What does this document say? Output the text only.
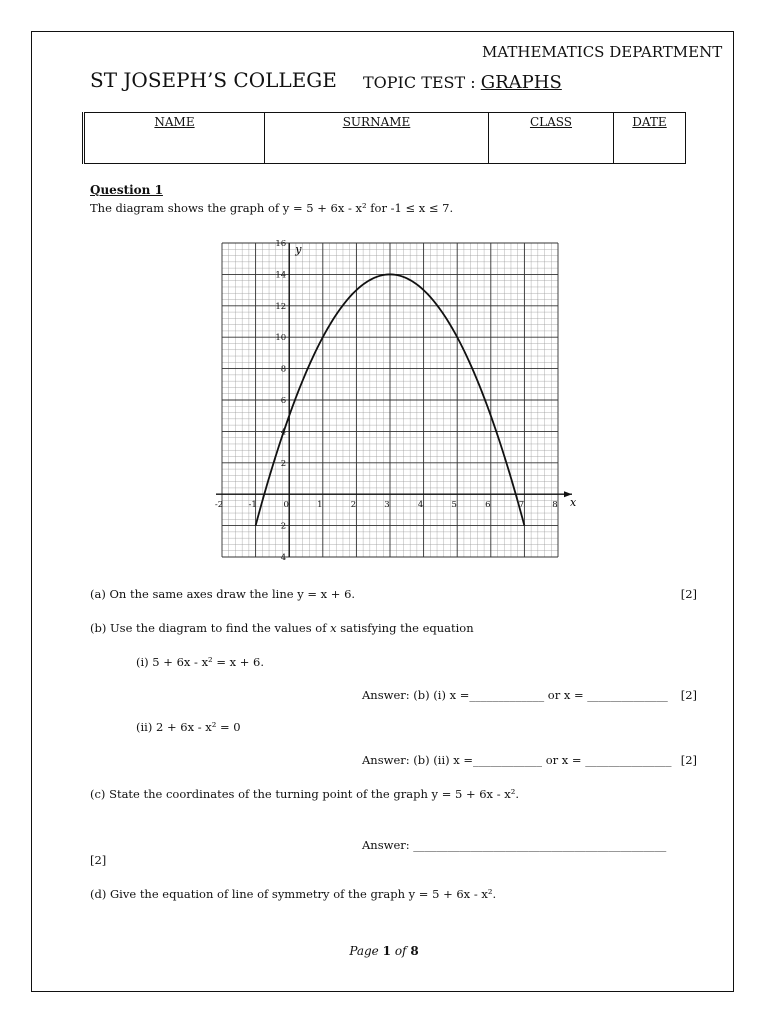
MATHEMATICS DEPARTMENT
ST JOSEPH’S COLLEGE TOPIC TEST : GRAPHS
NAME	SURNAME	CLASS	DATE
Question 1
The diagram shows the graph of y = 5 + 6x - x² for -1 ≤ x ≤ 7.
-2	-1	0	1	2	3	4	5	6	7	8
4
2
2
4
6
8
10
12
14
16
x
y
(a) On the same axes draw the line y = x + 6.	[2]
(b) Use the diagram to find the values of x satisfying the equation
(i) 5 + 6x - x² = x + 6.
Answer: (b) (i) x =_____________ or x = ______________ [2]
(ii) 2 + 6x - x² = 0
Answer: (b) (ii) x =____________ or x = _______________ [2]
(c) State the coordinates of the turning point of the graph y = 5 + 6x - x².
Answer: ____________________________________________
[2]
(d) Give the equation of line of symmetry of the graph y = 5 + 6x - x².
Page 1 of 8
